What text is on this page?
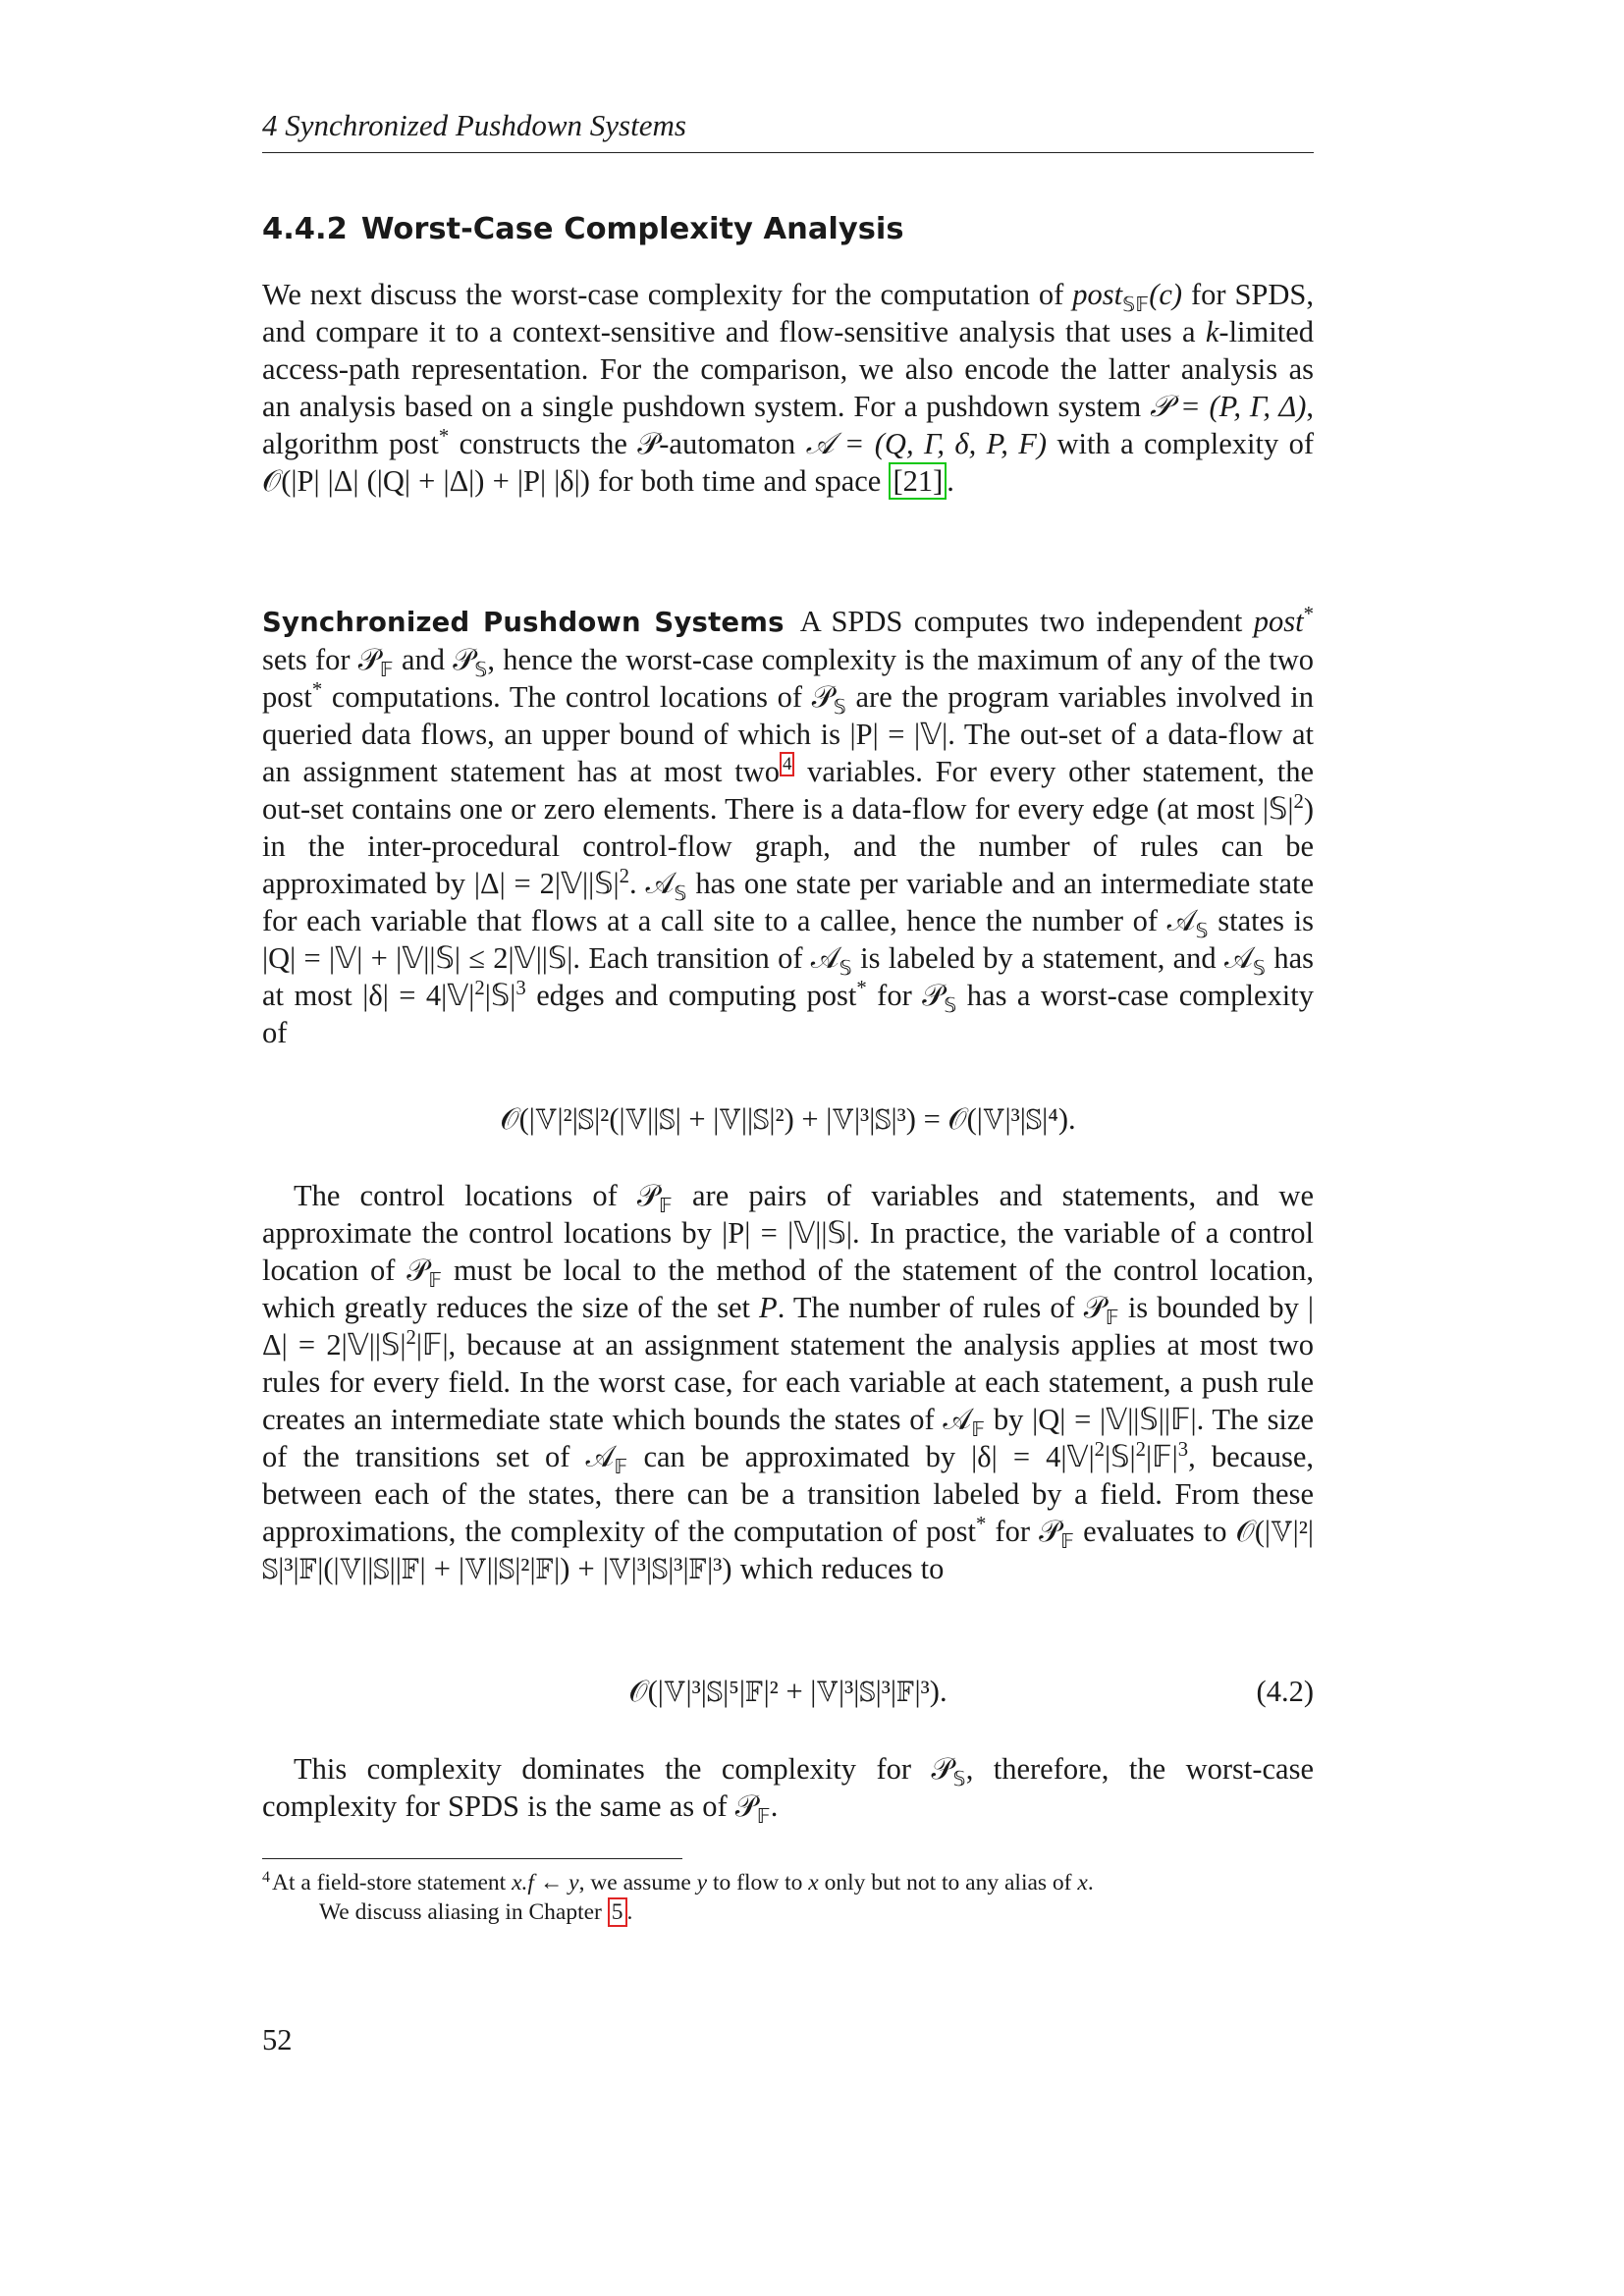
4 Synchronized Pushdown Systems
4.4.2 Worst-Case Complexity Analysis

We next discuss the worst-case complexity for the computation of post$_{𝕊𝔽}$(c) for SPDS, and compare it to a context-sensitive and flow-sensitive analysis that uses a k-limited access-path representation. For the comparison, we also encode the latter analysis as an analysis based on a single pushdown system. For a pushdown system 𝒫 = (P, Γ, Δ), algorithm post* constructs the 𝒫-automaton 𝒜 = (Q, Γ, δ, P, F) with a complexity of 𝒪(|P| |Δ| (|Q| + |Δ|) + |P| |δ|) for both time and space [21] .

Synchronized Pushdown Systems A SPDS computes two independent post* sets for 𝒫$_𝔽$ and 𝒫$_𝕊$, hence the worst-case complexity is the maximum of any of the two post* computations. The control locations of 𝒫$_𝕊$ are the program variables involved in queried data flows, an upper bound of which is |P| = |𝕍|. The out-set of a data-flow at an assignment statement has at most two $^4$ variables. For every other statement, the out-set contains one or zero elements. There is a data-flow for every edge (at most $|𝕊|^2$) in the inter-procedural control-flow graph, and the number of rules can be approximated by $|\Delta| = 2|𝕍||𝕊|^2$. 𝒜$_𝕊$ has one state per variable and an intermediate state for each variable that flows at a call site to a callee, hence the number of 𝒜$_𝕊$ states is |Q| = |𝕍| + |𝕍||𝕊| ≤ 2|𝕍||𝕊|. Each transition of 𝒜$_𝕊$ is labeled by a statement, and 𝒜$_𝕊$ has at most $|\delta| = 4|𝕍|^2|𝕊|^3$ edges and computing post* for 𝒫$_𝕊$ has a worst-case complexity of

𝒪(|𝕍|²|𝕊|²(|𝕍||𝕊| + |𝕍||𝕊|²) + |𝕍|³|𝕊|³) = 𝒪(|𝕍|³|𝕊|⁴).

The control locations of 𝒫$_𝔽$ are pairs of variables and statements, and we approximate the control locations by |P| = |𝕍||𝕊|. In practice, the variable of a control location of 𝒫$_𝔽$ must be local to the method of the statement of the control location, which greatly reduces the size of the set P. The number of rules of 𝒫$_𝔽$ is bounded by $|\Delta| = 2|𝕍||𝕊|^2|𝔽|$, because at an assignment statement the analysis applies at most two rules for every field. In the worst case, for each variable at each statement, a push rule creates an intermediate state which bounds the states of 𝒜$_𝔽$ by |Q| = |𝕍||𝕊||𝔽|. The size of the transitions set of 𝒜$_𝔽$ can be approximated by $|\delta| = 4|𝕍|^2|𝕊|^2|𝔽|^3$, because, between each of the states, there can be a transition labeled by a field. From these approximations, the complexity of the computation of post* for 𝒫$_𝔽$ evaluates to 𝒪(|𝕍|²|𝕊|³|𝔽|(|𝕍||𝕊||𝔽| + |𝕍||𝕊|²|𝔽|) + |𝕍|³|𝕊|³|𝔽|³) which reduces to

𝒪(|𝕍|³|𝕊|⁵|𝔽|² + |𝕍|³|𝕊|³|𝔽|³).	(4.2)

This complexity dominates the complexity for 𝒫$_𝕊$, therefore, the worst-case complexity for SPDS is the same as of 𝒫$_𝔽$.

$^4$At a field-store statement x.f ← y, we assume y to flow to x only but not to any alias of x.
We discuss aliasing in Chapter 5 .

52
